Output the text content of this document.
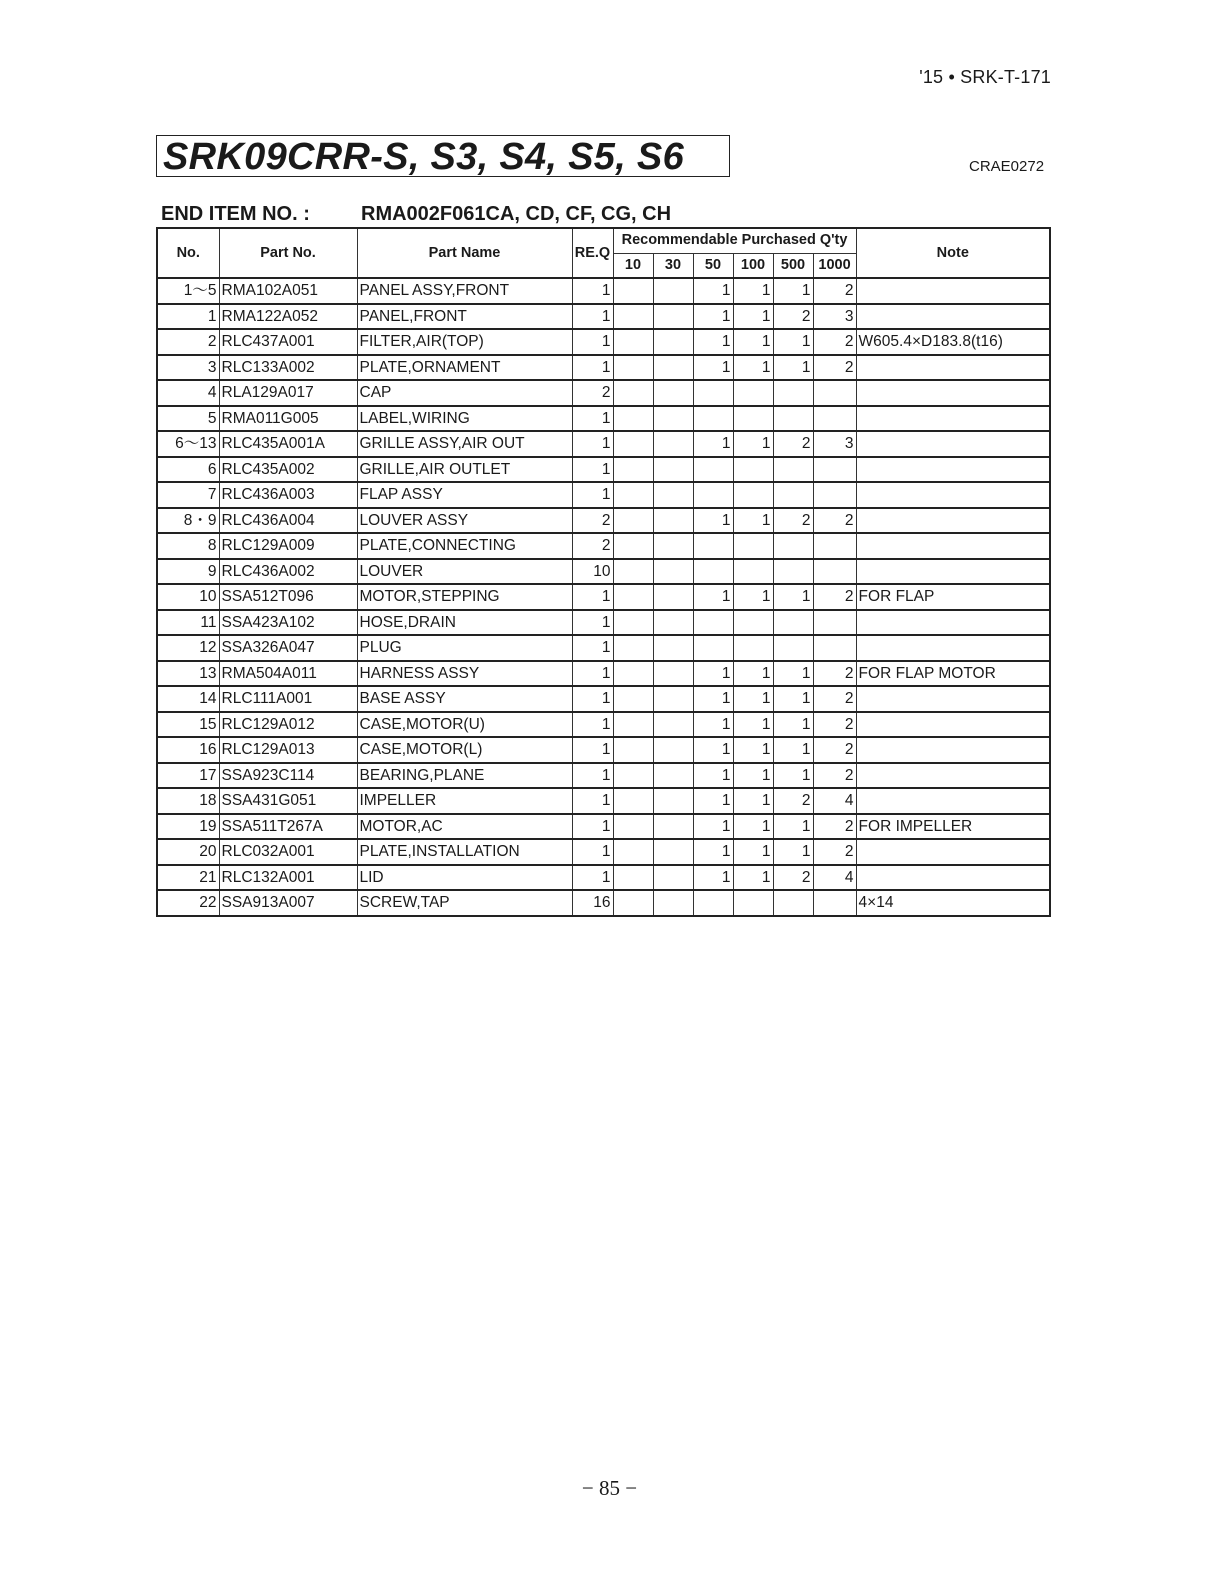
'15 • SRK-T-171
SRK09CRR-S, S3, S4, S5, S6	CRAE0272
END ITEM NO. :	RMA002F061CA, CD, CF, CG, CH
No.	Part No.	Part Name	RE.Q	Recommendable Purchased Q'ty						Note
				10	30	50	100	500	1000	
1〜5	RMA102A051	PANEL ASSY,FRONT	1			1	1	1	2	
1	RMA122A052	PANEL,FRONT	1			1	1	2	3	
2	RLC437A001	FILTER,AIR(TOP)	1			1	1	1	2	W605.4×D183.8(t16)
3	RLC133A002	PLATE,ORNAMENT	1			1	1	1	2	
4	RLA129A017	CAP	2							
5	RMA011G005	LABEL,WIRING	1							
6〜13	RLC435A001A	GRILLE ASSY,AIR OUT	1			1	1	2	3	
6	RLC435A002	GRILLE,AIR OUTLET	1							
7	RLC436A003	FLAP ASSY	1							
8・9	RLC436A004	LOUVER ASSY	2			1	1	2	2	
8	RLC129A009	PLATE,CONNECTING	2							
9	RLC436A002	LOUVER	10							
10	SSA512T096	MOTOR,STEPPING	1			1	1	1	2	FOR FLAP
11	SSA423A102	HOSE,DRAIN	1							
12	SSA326A047	PLUG	1							
13	RMA504A011	HARNESS ASSY	1			1	1	1	2	FOR FLAP MOTOR
14	RLC111A001	BASE ASSY	1			1	1	1	2	
15	RLC129A012	CASE,MOTOR(U)	1			1	1	1	2	
16	RLC129A013	CASE,MOTOR(L)	1			1	1	1	2	
17	SSA923C114	BEARING,PLANE	1			1	1	1	2	
18	SSA431G051	IMPELLER	1			1	1	2	4	
19	SSA511T267A	MOTOR,AC	1			1	1	1	2	FOR IMPELLER
20	RLC032A001	PLATE,INSTALLATION	1			1	1	1	2	
21	RLC132A001	LID	1			1	1	2	4	
22	SSA913A007	SCREW,TAP	16							4×14
− 85 −
